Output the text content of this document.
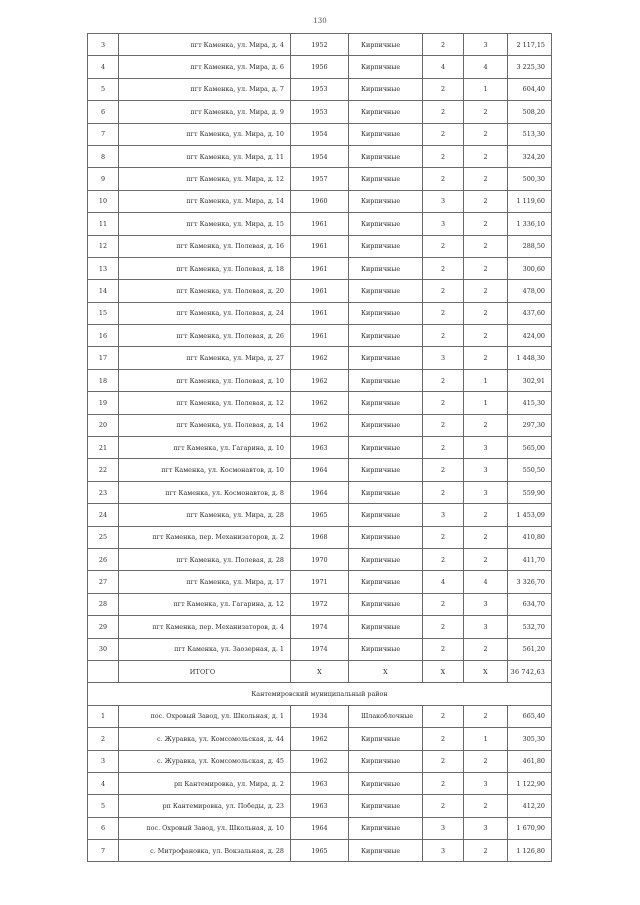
130
3	пгт Каменка, ул. Мира, д. 4	1952	Кирпичные	2	3	2 117,15
4	пгт Каменка, ул. Мира, д. 6	1956	Кирпичные	4	4	3 225,30
5	пгт Каменка, ул. Мира, д. 7	1953	Кирпичные	2	1	604,40
6	пгт Каменка, ул. Мира, д. 9	1953	Кирпичные	2	2	508,20
7	пгт Каменка, ул. Мира, д. 10	1954	Кирпичные	2	2	513,30
8	пгт Каменка, ул. Мира, д. 11	1954	Кирпичные	2	2	324,20
9	пгт Каменка, ул. Мира, д. 12	1957	Кирпичные	2	2	500,30
10	пгт Каменка, ул. Мира, д. 14	1960	Кирпичные	3	2	1 119,60
11	пгт Каменка, ул. Мира, д. 15	1961	Кирпичные	3	2	1 336,10
12	пгт Каменка, ул. Полевая, д. 16	1961	Кирпичные	2	2	288,50
13	пгт Каменка, ул. Полевая, д. 18	1961	Кирпичные	2	2	300,60
14	пгт Каменка, ул. Полевая, д. 20	1961	Кирпичные	2	2	478,00
15	пгт Каменка, ул. Полевая, д. 24	1961	Кирпичные	2	2	437,60
16	пгт Каменка, ул. Полевая, д. 26	1961	Кирпичные	2	2	424,00
17	пгт Каменка, ул. Мира, д. 27	1962	Кирпичные	3	2	1 448,30
18	пгт Каменка, ул. Полевая, д. 10	1962	Кирпичные	2	1	302,91
19	пгт Каменка, ул. Полевая, д. 12	1962	Кирпичные	2	1	415,30
20	пгт Каменка, ул. Полевая, д. 14	1962	Кирпичные	2	2	297,30
21	пгт Каменка, ул. Гагарина, д. 10	1963	Кирпичные	2	3	565,00
22	пгт Каменка, ул. Космонавтов, д. 10	1964	Кирпичные	2	3	550,50
23	пгт Каменка, ул. Космонавтов, д. 8	1964	Кирпичные	2	3	559,90
24	пгт Каменка, ул. Мира, д. 28	1965	Кирпичные	3	2	1 453,09
25	пгт Каменка, пер. Механизаторов, д. 2	1968	Кирпичные	2	2	410,80
26	пгт Каменка, ул. Полевая, д. 28	1970	Кирпичные	2	2	411,70
27	пгт Каменка, ул. Мира, д. 17	1971	Кирпичные	4	4	3 326,70
28	пгт Каменка, ул. Гагарина, д. 12	1972	Кирпичные	2	3	634,70
29	пгт Каменка, пер. Механизаторов, д. 4	1974	Кирпичные	2	3	532,70
30	пгт Каменка, ул. Заозерная, д. 1	1974	Кирпичные	2	2	561,20
	ИТОГО	Х	Х	Х	Х	36 742,63
Кантемировский муниципальный район						
1	пос. Охровый Завод, ул. Школьная, д. 1	1934	Шлакоблочные	2	2	665,40
2	с. Журавка, ул. Комсомольская, д. 44	1962	Кирпичные	2	1	305,30
3	с. Журавка, ул. Комсомольская, д. 45	1962	Кирпичные	2	2	461,80
4	рп Кантемировка, ул. Мира, д. 2	1963	Кирпичные	2	3	1 122,90
5	рп Кантемировка, ул. Победы, д. 23	1963	Кирпичные	2	2	412,20
6	пос. Охровый Завод, ул. Школьная, д. 10	1964	Кирпичные	3	3	1 670,90
7	с. Митрофановка, ул. Вокзальная, д. 28	1965	Кирпичные	3	2	1 126,80
